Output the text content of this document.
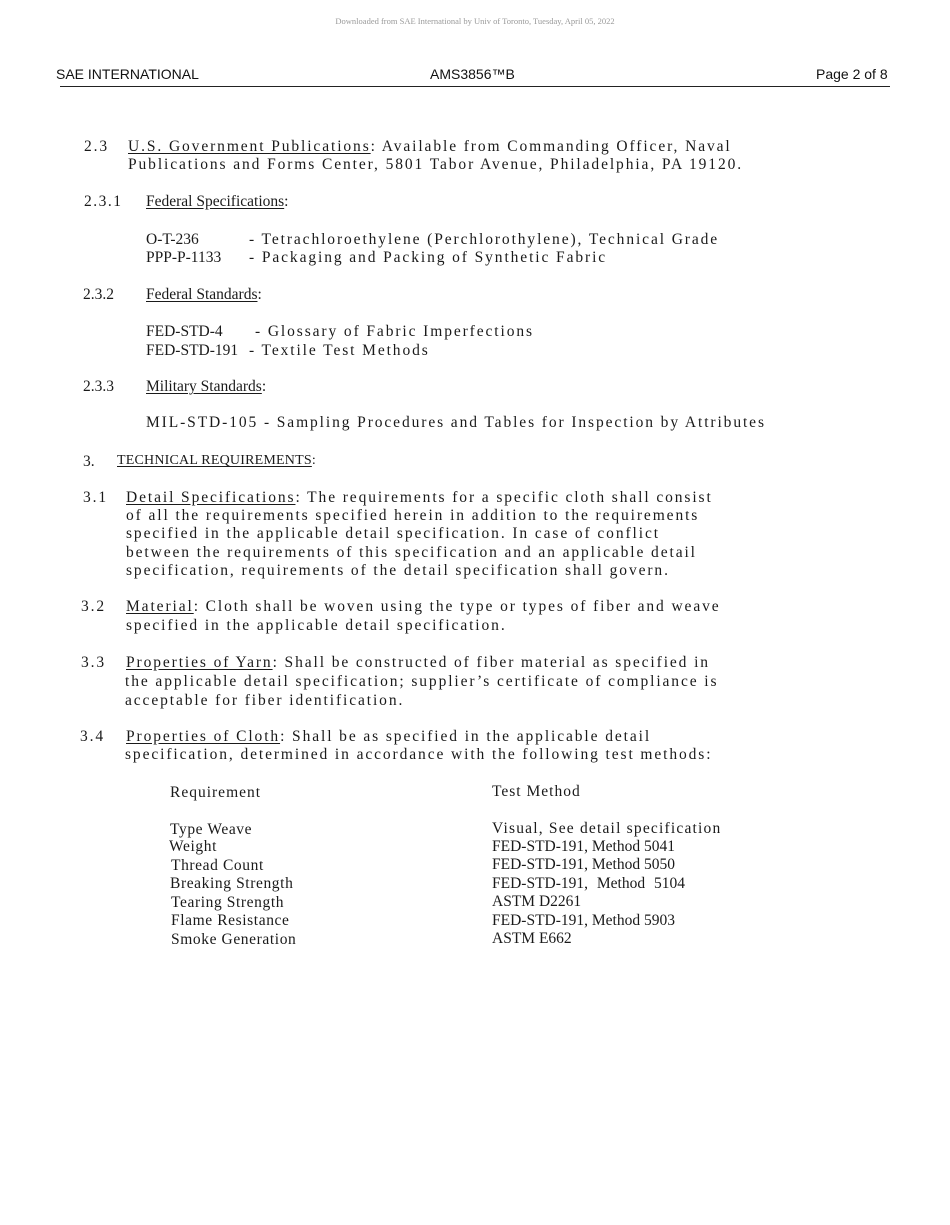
Downloaded from SAE International by Univ of Toronto, Tuesday, April 05, 2022
SAE INTERNATIONAL	AMS3856™B	Page 2 of 8
2.3 U.S. Government Publications: Available from Commanding Officer, Naval
Publications and Forms Center, 5801 Tabor Avenue, Philadelphia, PA 19120.
2.3.1 Federal Specifications:
O-T-236	- Tetrachloroethylene (Perchlorothylene), Technical Grade
PPP-P-1133 - Packaging and Packing of Synthetic Fabric
2.3.2 Federal Standards:
FED-STD-4 - Glossary of Fabric Imperfections
FED-STD-191 - Textile Test Methods
2.3.3 Military Standards:
MIL-STD-105 - Sampling Procedures and Tables for Inspection by Attributes
3. TECHNICAL REQUIREMENTS:
3.1 Detail Specifications: The requirements for a specific cloth shall consist
of all the requirements specified herein in addition to the requirements
specified in the applicable detail specification. In case of conflict
between the requirements of this specification and an applicable detail
specification, requirements of the detail specification shall govern.
3.2 Material: Cloth shall be woven using the type or types of fiber and weave
specified in the applicable detail specification.
3.3 Properties of Yarn: Shall be constructed of fiber material as specified in
the applicable detail specification; supplier’s certificate of compliance is
acceptable for fiber identification.
3.4 Properties of Cloth: Shall be as specified in the applicable detail
specification, determined in accordance with the following test methods:
Requirement	Test Method
Type Weave	Visual, See detail specification
Weight	FED-STD-191, Method 5041
Thread Count	FED-STD-191, Method 5050
Breaking Strength	FED-STD-191, Method 5104
Tearing Strength	ASTM D2261
Flame Resistance	FED-STD-191, Method 5903
Smoke Generation	ASTM E662
